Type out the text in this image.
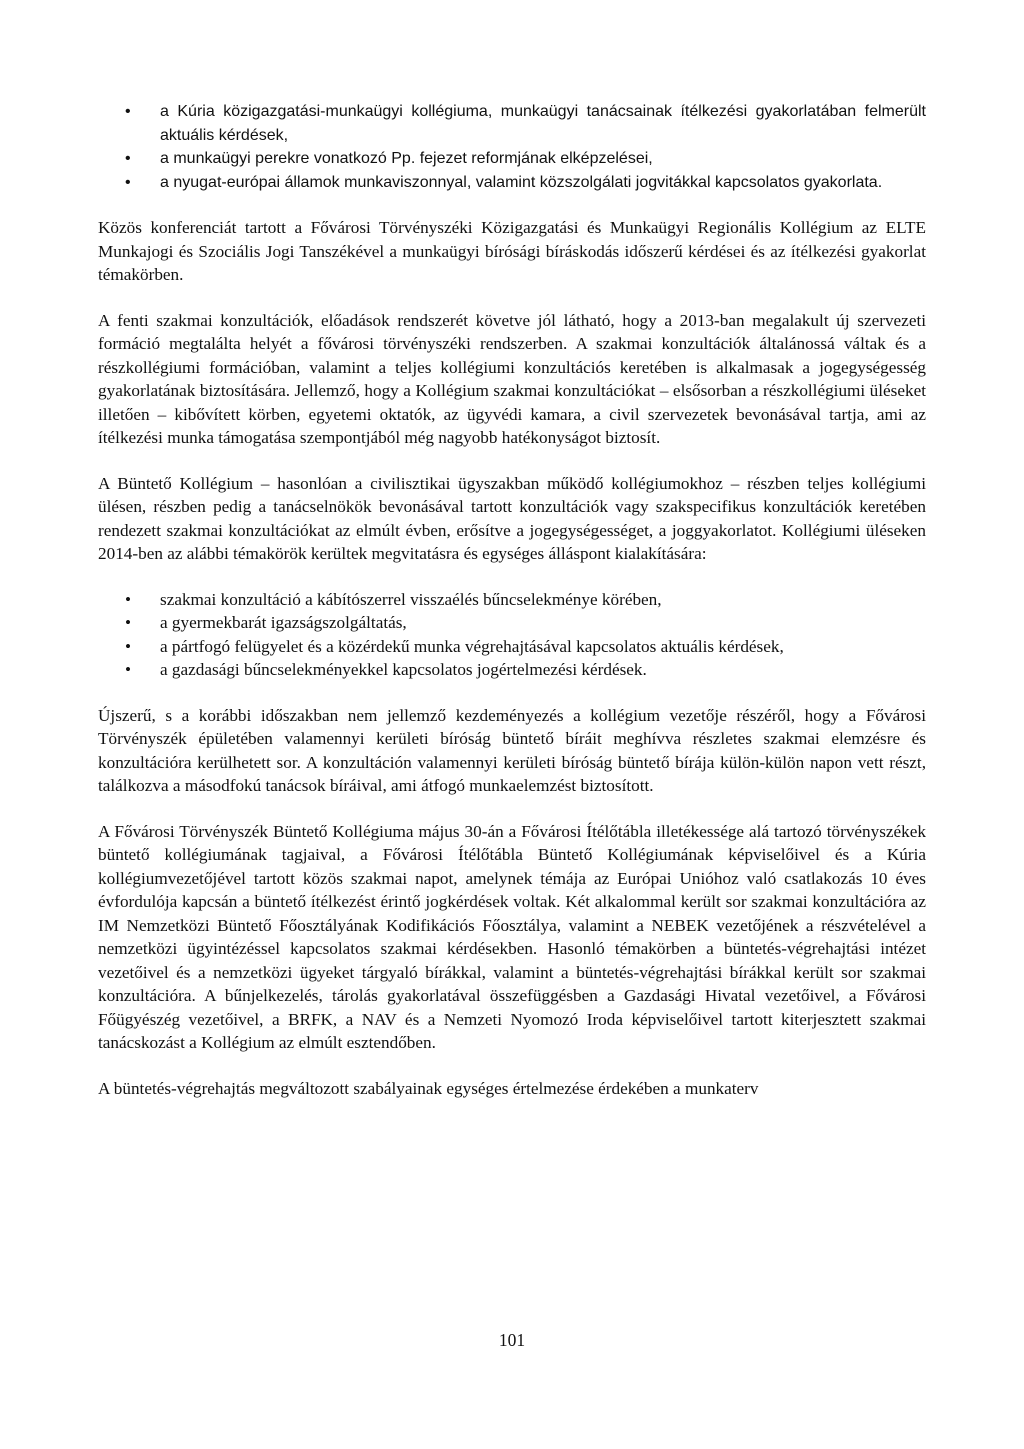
• a Kúria közigazgatási-munkaügyi kollégiuma, munkaügyi tanácsainak ítélkezési gyakorlatában felmerült aktuális kérdések,
• a munkaügyi perekre vonatkozó Pp. fejezet reformjának elképzelései,
• a nyugat-európai államok munkaviszonnyal, valamint közszolgálati jogvitákkal kapcsolatos gyakorlata.

Közös konferenciát tartott a Fővárosi Törvényszéki Közigazgatási és Munkaügyi Regionális Kollégium az ELTE Munkajogi és Szociális Jogi Tanszékével a munkaügyi bírósági bíráskodás időszerű kérdései és az ítélkezési gyakorlat témakörben.

A fenti szakmai konzultációk, előadások rendszerét követve jól látható, hogy a 2013-ban megalakult új szervezeti formáció megtalálta helyét a fővárosi törvényszéki rendszerben. A szakmai konzultációk általánossá váltak és a részkollégiumi formációban, valamint a teljes kollégiumi konzultációs keretében is alkalmasak a jogegységesség gyakorlatának biztosítására. Jellemző, hogy a Kollégium szakmai konzultációkat – elsősorban a részkollégiumi üléseket illetően – kibővített körben, egyetemi oktatók, az ügyvédi kamara, a civil szervezetek bevonásával tartja, ami az ítélkezési munka támogatása szempontjából még nagyobb hatékonyságot biztosít.

A Büntető Kollégium – hasonlóan a civilisztikai ügyszakban működő kollégiumokhoz – részben teljes kollégiumi ülésen, részben pedig a tanácselnökök bevonásával tartott konzultációk vagy szakspecifikus konzultációk keretében rendezett szakmai konzultációkat az elmúlt évben, erősítve a jogegységességet, a joggyakorlatot. Kollégiumi üléseken 2014-ben az alábbi témakörök kerültek megvitatásra és egységes álláspont kialakítására:

• szakmai konzultáció a kábítószerrel visszaélés bűncselekménye körében,
• a gyermekbarát igazságszolgáltatás,
• a pártfogó felügyelet és a közérdekű munka végrehajtásával kapcsolatos aktuális kérdések,
• a gazdasági bűncselekményekkel kapcsolatos jogértelmezési kérdések.

Újszerű, s a korábbi időszakban nem jellemző kezdeményezés a kollégium vezetője részéről, hogy a Fővárosi Törvényszék épületében valamennyi kerületi bíróság büntető bíráit meghívva részletes szakmai elemzésre és konzultációra kerülhetett sor. A konzultáción valamennyi kerületi bíróság büntető bírája külön-külön napon vett részt, találkozva a másodfokú tanácsok bíráival, ami átfogó munkaelemzést biztosított.

A Fővárosi Törvényszék Büntető Kollégiuma május 30-án a Fővárosi Ítélőtábla illetékessége alá tartozó törvényszékek büntető kollégiumának tagjaival, a Fővárosi Ítélőtábla Büntető Kollégiumának képviselőivel és a Kúria kollégiumvezetőjével tartott közös szakmai napot, amelynek témája az Európai Unióhoz való csatlakozás 10 éves évfordulója kapcsán a büntető ítélkezést érintő jogkérdések voltak. Két alkalommal került sor szakmai konzultációra az IM Nemzetközi Büntető Főosztályának Kodifikációs Főosztálya, valamint a NEBEK vezetőjének a részvételével a nemzetközi ügyintézéssel kapcsolatos szakmai kérdésekben. Hasonló témakörben a büntetés-végrehajtási intézet vezetőivel és a nemzetközi ügyeket tárgyaló bírákkal, valamint a büntetés-végrehajtási bírákkal került sor szakmai konzultációra. A bűnjelkezelés, tárolás gyakorlatával összefüggésben a Gazdasági Hivatal vezetőivel, a Fővárosi Főügyészég vezetőivel, a BRFK, a NAV és a Nemzeti Nyomozó Iroda képviselőivel tartott kiterjesztett szakmai tanácskozást a Kollégium az elmúlt esztendőben.

A büntetés-végrehajtás megváltozott szabályainak egységes értelmezése érdekében a munkaterv

101
